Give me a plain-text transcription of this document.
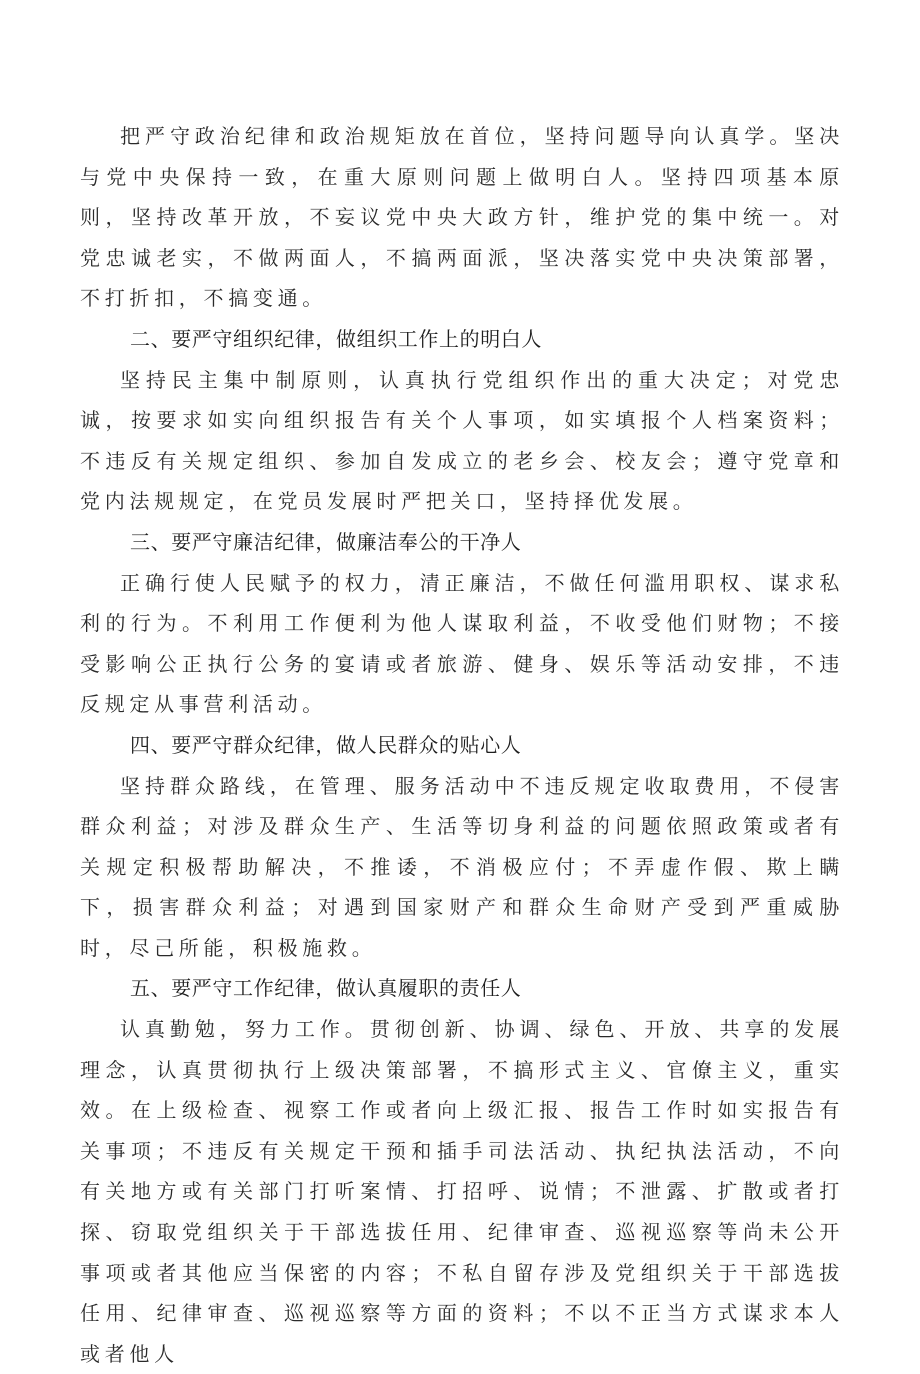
把严守政治纪律和政治规矩放在首位，坚持问题导向认真学。坚决与党中央保持一致，在重大原则问题上做明白人。坚持四项基本原则，坚持改革开放，不妄议党中央大政方针，维护党的集中统一。对党忠诚老实，不做两面人，不搞两面派，坚决落实党中央决策部署，不打折扣，不搞变通。

二、要严守组织纪律，做组织工作上的明白人

坚持民主集中制原则，认真执行党组织作出的重大决定；对党忠诚，按要求如实向组织报告有关个人事项，如实填报个人档案资料；不违反有关规定组织、参加自发成立的老乡会、校友会；遵守党章和党内法规规定，在党员发展时严把关口，坚持择优发展。

三、要严守廉洁纪律，做廉洁奉公的干净人

正确行使人民赋予的权力，清正廉洁，不做任何滥用职权、谋求私利的行为。不利用工作便利为他人谋取利益，不收受他们财物；不接受影响公正执行公务的宴请或者旅游、健身、娱乐等活动安排，不违反规定从事营利活动。

四、要严守群众纪律，做人民群众的贴心人

坚持群众路线，在管理、服务活动中不违反规定收取费用，不侵害群众利益；对涉及群众生产、生活等切身利益的问题依照政策或者有关规定积极帮助解决，不推诿，不消极应付；不弄虚作假、欺上瞒下，损害群众利益；对遇到国家财产和群众生命财产受到严重威胁时，尽己所能，积极施救。

五、要严守工作纪律，做认真履职的责任人

认真勤勉，努力工作。贯彻创新、协调、绿色、开放、共享的发展理念，认真贯彻执行上级决策部署，不搞形式主义、官僚主义，重实效。在上级检查、视察工作或者向上级汇报、报告工作时如实报告有关事项；不违反有关规定干预和插手司法活动、执纪执法活动，不向有关地方或有关部门打听案情、打招呼、说情；不泄露、扩散或者打探、窃取党组织关于干部选拔任用、纪律审查、巡视巡察等尚未公开事项或者其他应当保密的内容；不私自留存涉及党组织关于干部选拔任用、纪律审查、巡视巡察等方面的资料；不以不正当方式谋求本人或者他人
